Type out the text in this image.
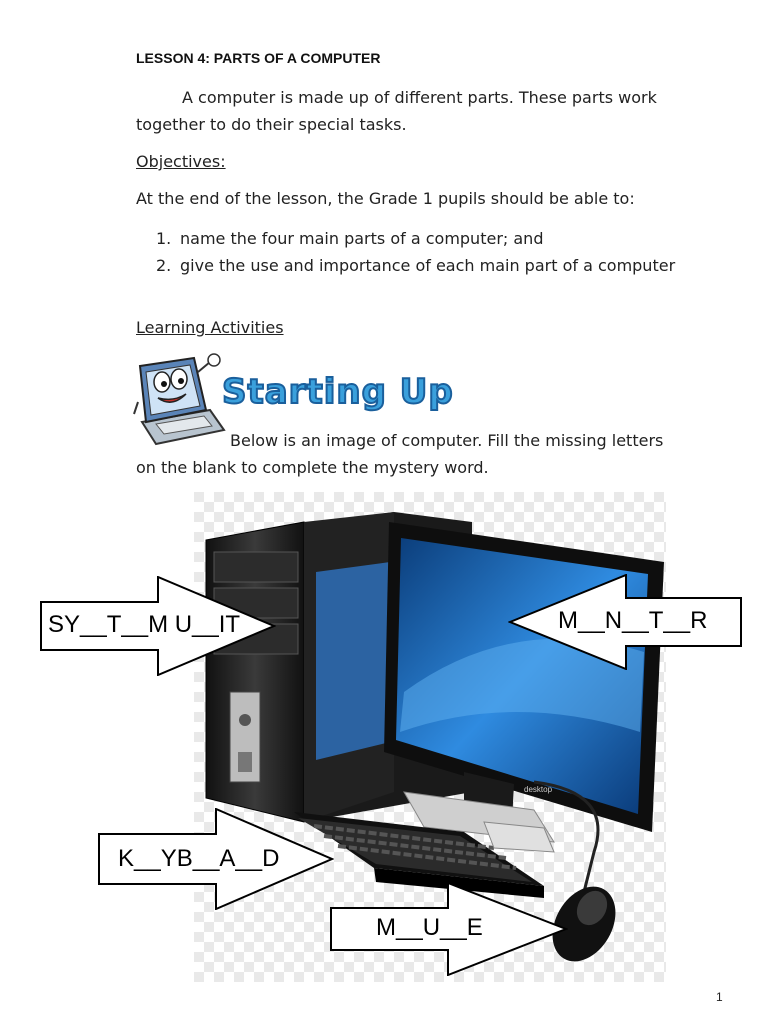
LESSON 4: PARTS OF A COMPUTER
A computer is made up of different parts. These parts work together to do their special tasks.
Objectives:
At the end of the lesson, the Grade 1 pupils should be able to:
1. name the four main parts of a computer; and
2. give the use and importance of each main part of a computer
Learning Activities
Starting Up
Below is an image of computer. Fill the missing letters
on the blank to complete the mystery word.
desktop
SY__T__M U__IT	M__N__T__R
K__YB__A__D
M__U__E
1
